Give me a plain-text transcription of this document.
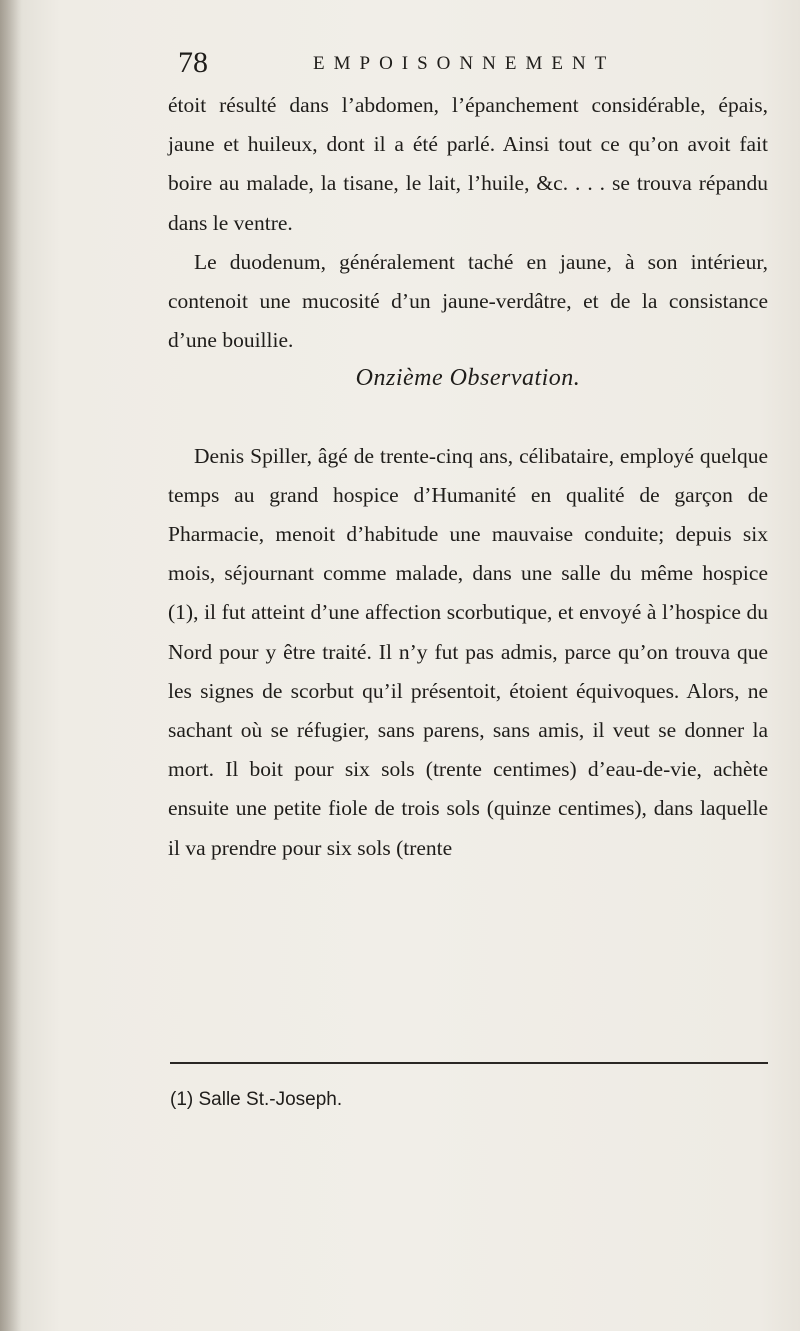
78	EMPOISONNEMENT

étoit résulté dans l’abdomen, l’épanchement considérable, épais, jaune et huileux, dont il a été parlé. Ainsi tout ce qu’on avoit fait boire au malade, la tisane, le lait, l’huile, &c. . . . se trouva répandu dans le ventre.

Le duodenum, généralement taché en jaune, à son intérieur, contenoit une mucosité d’un jaune-verdâtre, et de la consistance d’une bouillie.

Onzième Observation.

Denis Spiller, âgé de trente-cinq ans, célibataire, employé quelque temps au grand hospice d’Humanité en qualité de garçon de Pharmacie, menoit d’habitude une mauvaise conduite; depuis six mois, séjournant comme malade, dans une salle du même hospice (1), il fut atteint d’une affection scorbutique, et envoyé à l’hospice du Nord pour y être traité. Il n’y fut pas admis, parce qu’on trouva que les signes de scorbut qu’il présentoit, étoient équivoques. Alors, ne sachant où se réfugier, sans parens, sans amis, il veut se donner la mort. Il boit pour six sols (trente centimes) d’eau-de-vie, achète ensuite une petite fiole de trois sols (quinze centimes), dans laquelle il va prendre pour six sols (trente

(1) Salle St.-Joseph.
